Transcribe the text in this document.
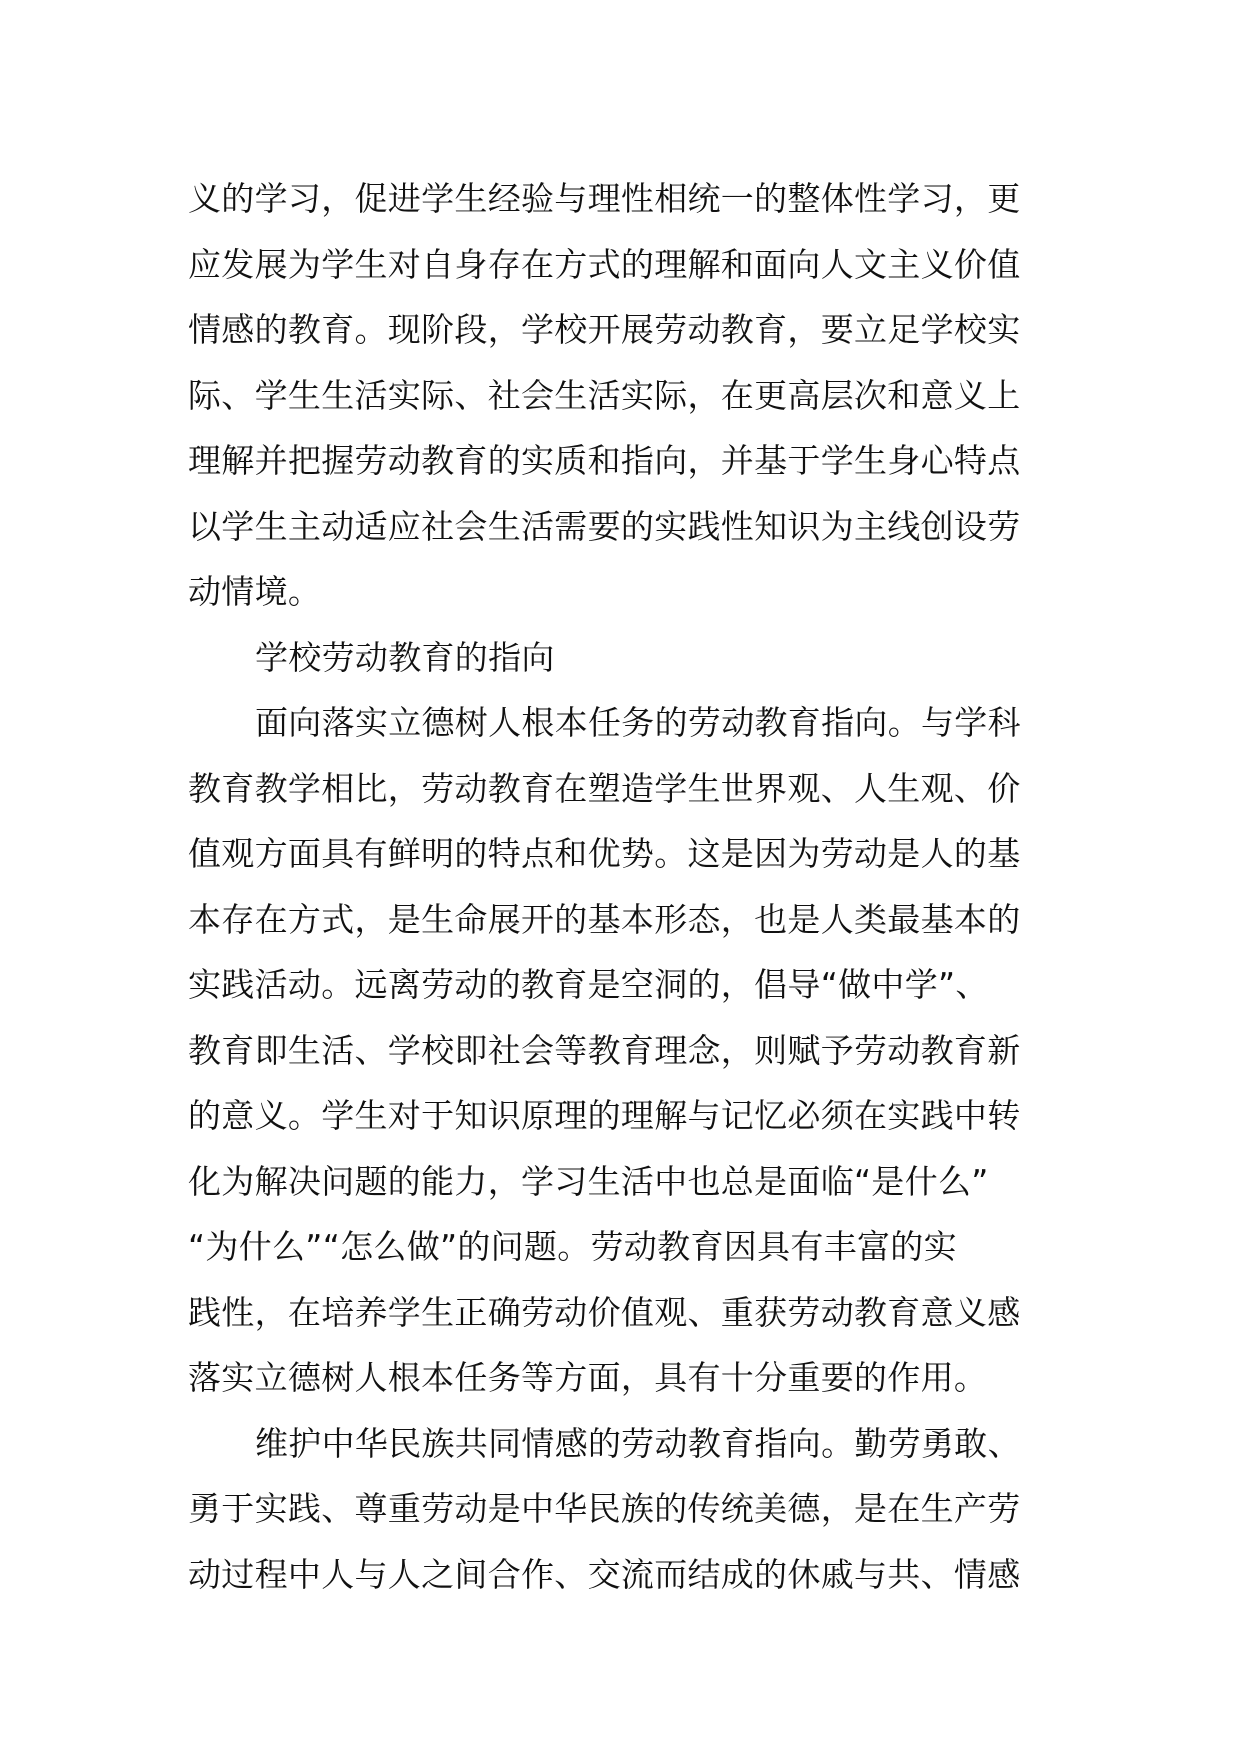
义的学习，促进学生经验与理性相统一的整体性学习，更
应发展为学生对自身存在方式的理解和面向人文主义价值
情感的教育。现阶段，学校开展劳动教育，要立足学校实
际、学生生活实际、社会生活实际，在更高层次和意义上
理解并把握劳动教育的实质和指向，并基于学生身心特点
以学生主动适应社会生活需要的实践性知识为主线创设劳
动情境。
学校劳动教育的指向
面向落实立德树人根本任务的劳动教育指向。与学科
教育教学相比，劳动教育在塑造学生世界观、人生观、价
值观方面具有鲜明的特点和优势。这是因为劳动是人的基
本存在方式，是生命展开的基本形态，也是人类最基本的
实践活动。远离劳动的教育是空洞的，倡导“做中学”、
教育即生活、学校即社会等教育理念，则赋予劳动教育新
的意义。学生对于知识原理的理解与记忆必须在实践中转
化为解决问题的能力，学习生活中也总是面临“是什么”
“为什么”“怎么做”的问题。劳动教育因具有丰富的实
践性，在培养学生正确劳动价值观、重获劳动教育意义感
落实立德树人根本任务等方面，具有十分重要的作用。
维护中华民族共同情感的劳动教育指向。勤劳勇敢、
勇于实践、尊重劳动是中华民族的传统美德，是在生产劳
动过程中人与人之间合作、交流而结成的休戚与共、情感
